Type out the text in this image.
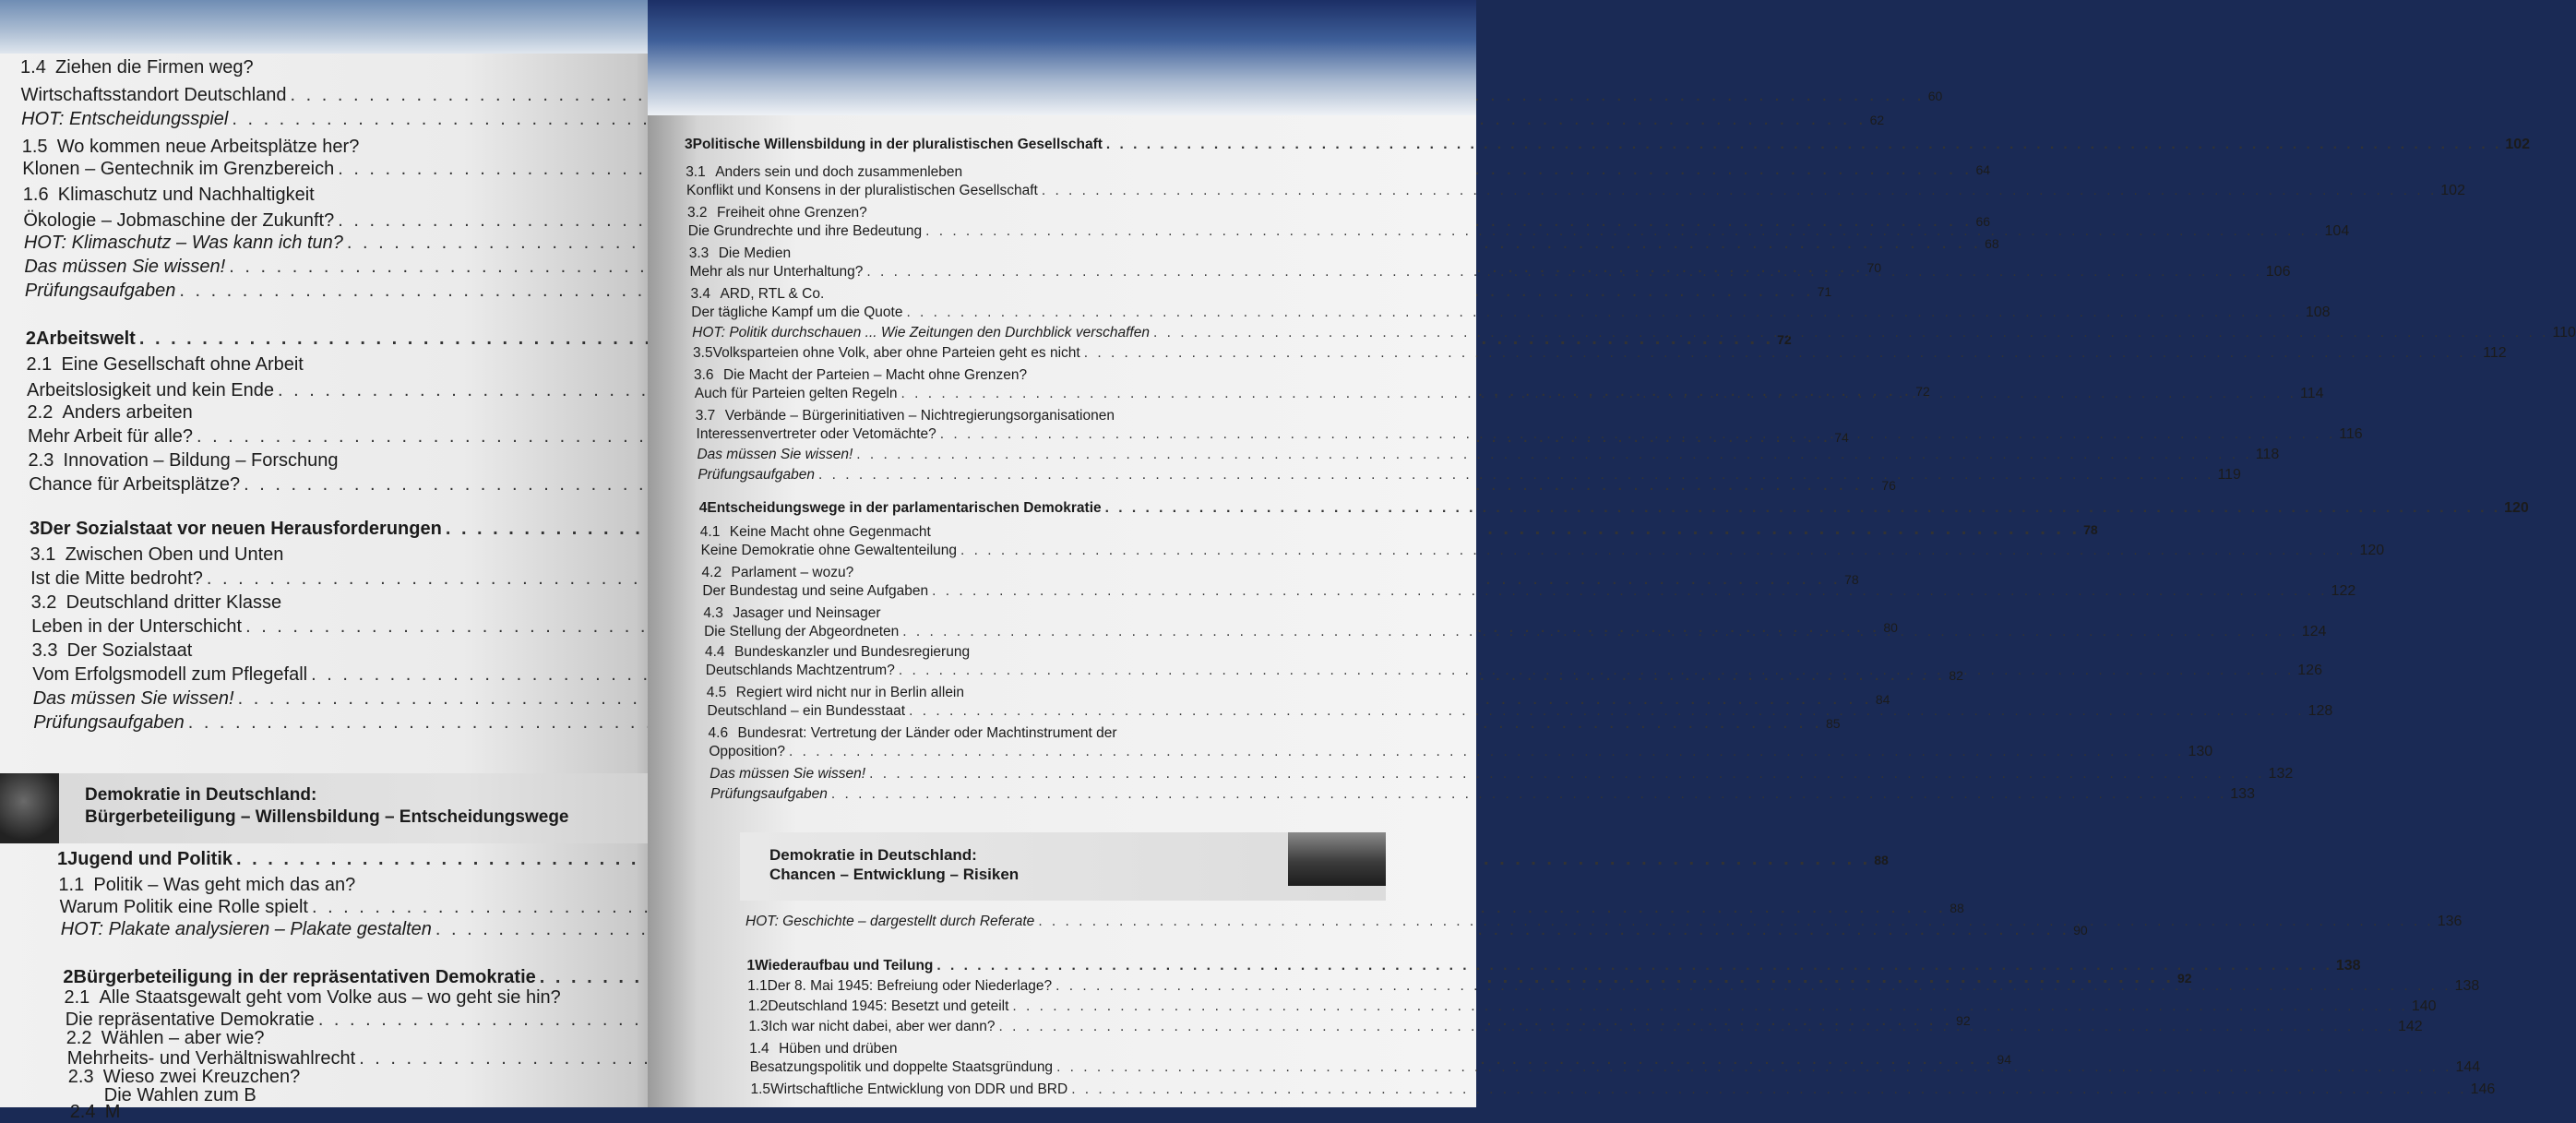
1.4 Ziehen die Firmen weg?
Wirtschaftsstandort Deutschland . . .	60
HOT: Entscheidungsspiel . . .	62
1.5 Wo kommen neue Arbeitsplätze her?
Klonen – Gentechnik im Grenzbereich . . .	64
1.6 Klimaschutz und Nachhaltigkeit
Ökologie – Jobmaschine der Zukunft? . . .	66
HOT: Klimaschutz – Was kann ich tun? . . .	68
Das müssen Sie wissen! . . .	70
Prüfungsaufgaben . . .	71
2 Arbeitswelt . . .	72
2.1 Eine Gesellschaft ohne Arbeit
Arbeitslosigkeit und kein Ende . . .	72
2.2 Anders arbeiten
Mehr Arbeit für alle? . . .	74
2.3 Innovation – Bildung – Forschung
Chance für Arbeitsplätze? . . .	76
3 Der Sozialstaat vor neuen Herausforderungen . . .	78
3.1 Zwischen Oben und Unten
Ist die Mitte bedroht? . . .	78
3.2 Deutschland dritter Klasse
Leben in der Unterschicht . . .	80
3.3 Der Sozialstaat
Vom Erfolgsmodell zum Pflegefall . . .	82
Das müssen Sie wissen! . . .	84
Prüfungsaufgaben . . .	85
Demokratie in Deutschland:
Bürgerbeteiligung – Willensbildung – Entscheidungswege
1 Jugend und Politik . . .	88
1.1 Politik – Was geht mich das an?
Warum Politik eine Rolle spielt . . .	88
HOT: Plakate analysieren – Plakate gestalten . . .	90
2 Bürgerbeteiligung in der repräsentativen Demokratie . . .	92
2.1 Alle Staatsgewalt geht vom Volke aus – wo geht sie hin?
Die repräsentative Demokratie . . .	92
2.2 Wählen – aber wie?
Mehrheits- und Verhältniswahlrecht . . .	94
2.3 Wieso zwei Kreuzchen?
Die Wahlen zum B
2.4 M
3 Politische Willensbildung in der pluralistischen Gesellschaft . . .	102
3.1 Anders sein und doch zusammenleben
Konflikt und Konsens in der pluralistischen Gesellschaft . . .	102
3.2 Freiheit ohne Grenzen?
Die Grundrechte und ihre Bedeutung . . .	104
3.3 Die Medien
Mehr als nur Unterhaltung? . . .	106
3.4 ARD, RTL & Co.
Der tägliche Kampf um die Quote . . .	108
HOT: Politik durchschauen ... Wie Zeitungen den Durchblick verschaffen . . .	110
3.5 Volksparteien ohne Volk, aber ohne Parteien geht es nicht . . .	112
3.6 Die Macht der Parteien – Macht ohne Grenzen?
Auch für Parteien gelten Regeln . . .	114
3.7 Verbände – Bürgerinitiativen – Nichtregierungsorganisationen
Interessenvertreter oder Vetomächte? . . .	116
Das müssen Sie wissen! . . .	118
Prüfungsaufgaben . . .	119
4 Entscheidungswege in der parlamentarischen Demokratie . . .	120
4.1 Keine Macht ohne Gegenmacht
Keine Demokratie ohne Gewaltenteilung . . .	120
4.2 Parlament – wozu?
Der Bundestag und seine Aufgaben . . .	122
4.3 Jasager und Neinsager
Die Stellung der Abgeordneten . . .	124
4.4 Bundeskanzler und Bundesregierung
Deutschlands Machtzentrum? . . .	126
4.5 Regiert wird nicht nur in Berlin allein
Deutschland – ein Bundesstaat . . .	128
4.6 Bundesrat: Vertretung der Länder oder Machtinstrument der
Opposition? . . .	130
Das müssen Sie wissen! . . .	132
Prüfungsaufgaben . . .	133
Demokratie in Deutschland:
Chancen – Entwicklung – Risiken
HOT: Geschichte – dargestellt durch Referate . . .	136
1 Wiederaufbau und Teilung . . .	138
1.1 Der 8. Mai 1945: Befreiung oder Niederlage? . . .	138
1.2 Deutschland 1945: Besetzt und geteilt . . .	140
1.3 Ich war nicht dabei, aber wer dann? . . .	142
1.4 Hüben und drüben
Besatzungspolitik und doppelte Staatsgründung . . .	144
1.5 Wirtschaftliche Entwicklung von DDR und BRD . . .	146
